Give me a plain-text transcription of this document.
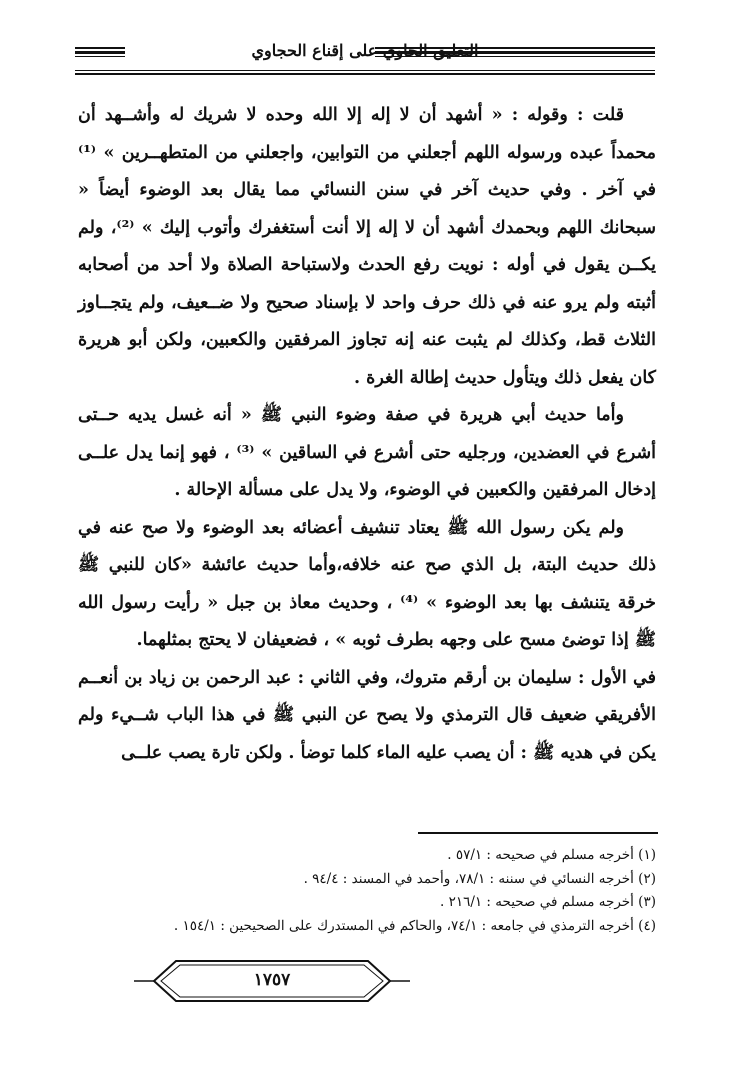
التعليق الحاوي على إقناع الحجاوي

قلت : وقوله : « أشهد أن لا إله إلا الله وحده لا شريك له وأشــهد أن محمداً عبده ورسوله اللهم أجعلني من التوابين، واجعلني من المتطهــرين » ⁽¹⁾ في آخر . وفي حديث آخر في سنن النسائي مما يقال بعد الوضوء أيضاً « سبحانك اللهم وبحمدك أشهد أن لا إله إلا أنت أستغفرك وأتوب إليك » ⁽²⁾، ولم يكــن يقول في أوله : نويت رفع الحدث ولاستباحة الصلاة ولا أحد من أصحابه أثبته ولم يرو عنه في ذلك حرف واحد لا بإسناد صحيح ولا ضــعيف، ولم يتجــاوز الثلاث قط، وكذلك لم يثبت عنه إنه تجاوز المرفقين والكعبين، ولكن أبو هريرة كان يفعل ذلك ويتأول حديث إطالة الغرة .

وأما حديث أبي هريرة في صفة وضوء النبي ﷺ « أنه غسل يديه حــتى أشرع في العضدين، ورجليه حتى أشرع في الساقين » ⁽³⁾ ، فهو إنما يدل علــى إدخال المرفقين والكعبين في الوضوء، ولا يدل على مسألة الإحالة .

ولم يكن رسول الله ﷺ يعتاد تنشيف أعضائه بعد الوضوء ولا صح عنه في ذلك حديث البتة، بل الذي صح عنه خلافه،وأما حديث عائشة «كان للنبي ﷺ خرقة يتنشف بها بعد الوضوء » ⁽⁴⁾ ، وحديث معاذ بن جبل « رأيت رسول الله ﷺ إذا توضئ مسح على وجهه بطرف ثوبه » ، فضعيفان لا يحتج بمثلهما.

في الأول : سليمان بن أرقم متروك، وفي الثاني : عبد الرحمن بن زياد بن أنعــم الأفريقي ضعيف قال الترمذي ولا يصح عن النبي ﷺ في هذا الباب شــيء ولم يكن في هديه ﷺ : أن يصب عليه الماء كلما توضأ . ولكن تارة يصب علــى

(١) أخرجه مسلم في صحيحه : ٥٧/١ .
(٢) أخرجه النسائي في سننه : ٧٨/١، وأحمد في المسند : ٩٤/٤ .
(٣) أخرجه مسلم في صحيحه : ٢١٦/١ .
(٤) أخرجه الترمذي في جامعه : ٧٤/١، والحاكم في المستدرك على الصحيحين : ١٥٤/١ .
١٧٥٧
